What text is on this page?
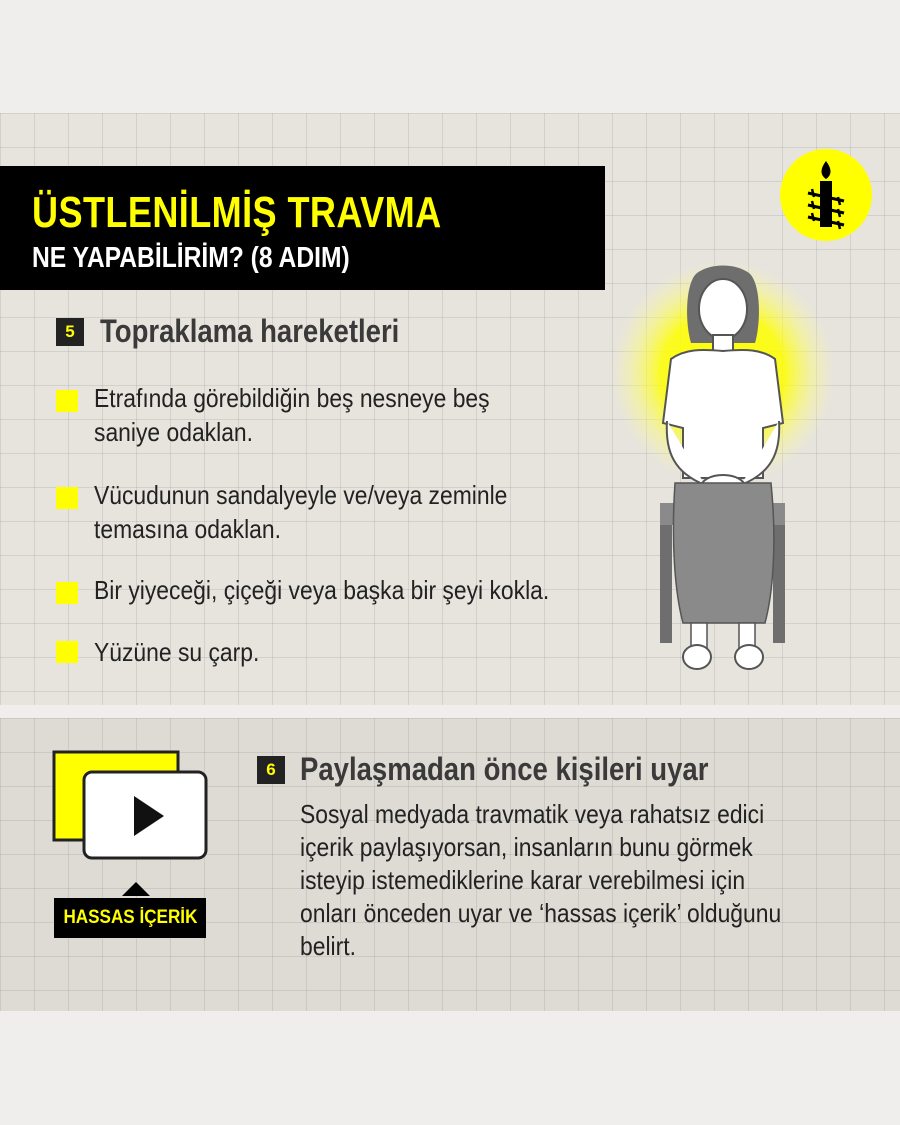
ÜSTLENİLMİŞ TRAVMA
NE YAPABİLİRİM? (8 ADIM)
5 Topraklama hareketleri
Etrafında görebildiğin beş nesneye beş
saniye odaklan.
Vücudunun sandalyeyle ve/veya zeminle
temasına odaklan.
Bir yiyeceği, çiçeği veya başka bir şeyi kokla.
Yüzüne su çarp.
HASSAS İÇERİK
6 Paylaşmadan önce kişileri uyar
Sosyal medyada travmatik veya rahatsız edici
içerik paylaşıyorsan, insanların bunu görmek
isteyip istemediklerine karar verebilmesi için
onları önceden uyar ve ‘hassas içerik’ olduğunu
belirt.
